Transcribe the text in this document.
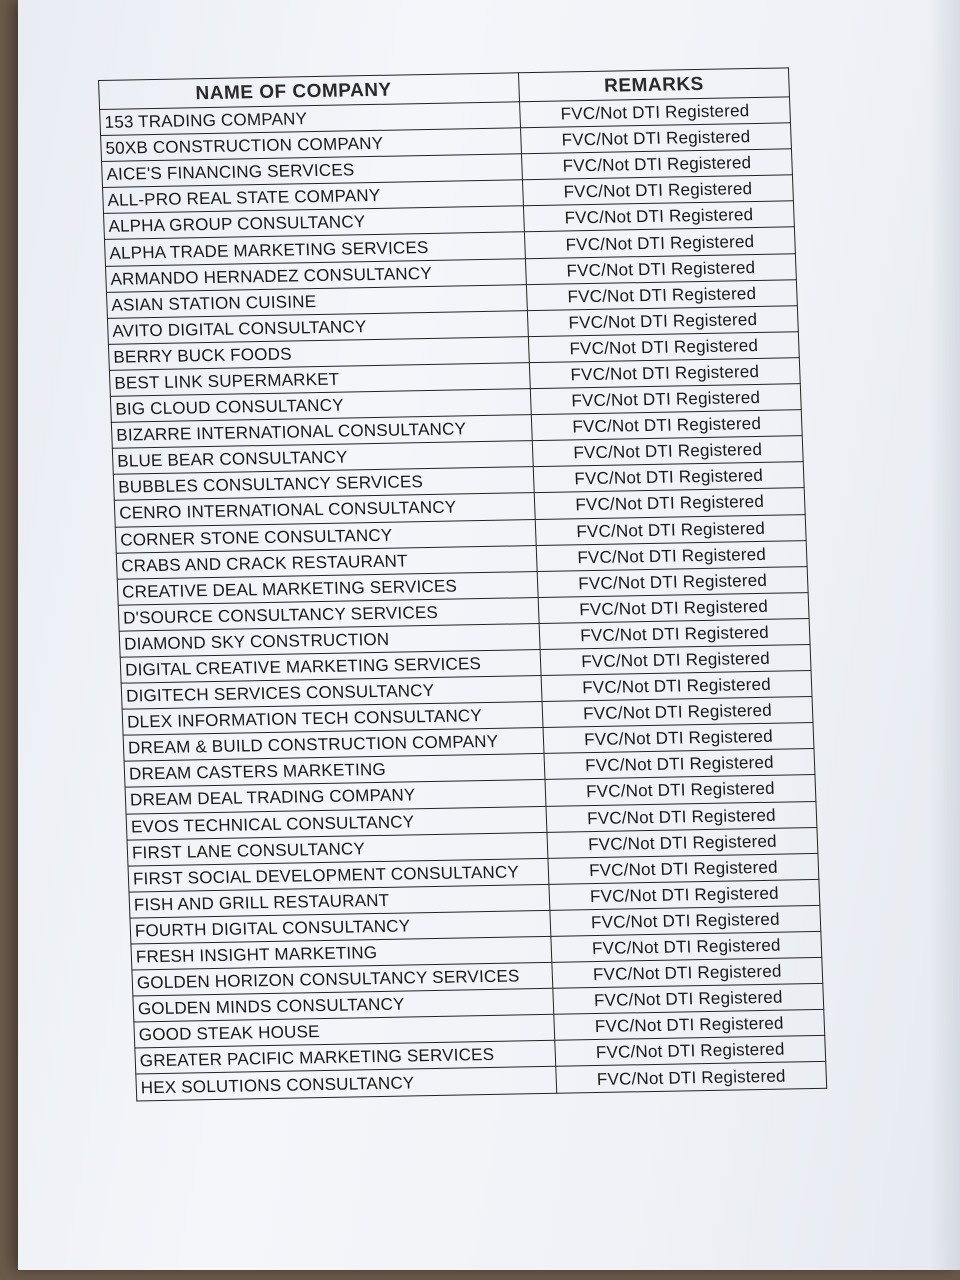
NAME OF COMPANY	REMARKS
153 TRADING COMPANY	FVC/Not DTI Registered
50XB CONSTRUCTION COMPANY	FVC/Not DTI Registered
AICE'S FINANCING SERVICES	FVC/Not DTI Registered
ALL-PRO REAL STATE COMPANY	FVC/Not DTI Registered
ALPHA GROUP CONSULTANCY	FVC/Not DTI Registered
ALPHA TRADE MARKETING SERVICES	FVC/Not DTI Registered
ARMANDO HERNADEZ CONSULTANCY	FVC/Not DTI Registered
ASIAN STATION CUISINE	FVC/Not DTI Registered
AVITO DIGITAL CONSULTANCY	FVC/Not DTI Registered
BERRY BUCK FOODS	FVC/Not DTI Registered
BEST LINK SUPERMARKET	FVC/Not DTI Registered
BIG CLOUD CONSULTANCY	FVC/Not DTI Registered
BIZARRE INTERNATIONAL CONSULTANCY	FVC/Not DTI Registered
BLUE BEAR CONSULTANCY	FVC/Not DTI Registered
BUBBLES CONSULTANCY SERVICES	FVC/Not DTI Registered
CENRO INTERNATIONAL CONSULTANCY	FVC/Not DTI Registered
CORNER STONE CONSULTANCY	FVC/Not DTI Registered
CRABS AND CRACK RESTAURANT	FVC/Not DTI Registered
CREATIVE DEAL MARKETING SERVICES	FVC/Not DTI Registered
D'SOURCE CONSULTANCY SERVICES	FVC/Not DTI Registered
DIAMOND SKY CONSTRUCTION	FVC/Not DTI Registered
DIGITAL CREATIVE MARKETING SERVICES	FVC/Not DTI Registered
DIGITECH SERVICES CONSULTANCY	FVC/Not DTI Registered
DLEX INFORMATION TECH CONSULTANCY	FVC/Not DTI Registered
DREAM & BUILD CONSTRUCTION COMPANY	FVC/Not DTI Registered
DREAM CASTERS MARKETING	FVC/Not DTI Registered
DREAM DEAL TRADING COMPANY	FVC/Not DTI Registered
EVOS TECHNICAL CONSULTANCY	FVC/Not DTI Registered
FIRST LANE CONSULTANCY	FVC/Not DTI Registered
FIRST SOCIAL DEVELOPMENT CONSULTANCY	FVC/Not DTI Registered
FISH AND GRILL RESTAURANT	FVC/Not DTI Registered
FOURTH DIGITAL CONSULTANCY	FVC/Not DTI Registered
FRESH INSIGHT MARKETING	FVC/Not DTI Registered
GOLDEN HORIZON CONSULTANCY SERVICES	FVC/Not DTI Registered
GOLDEN MINDS CONSULTANCY	FVC/Not DTI Registered
GOOD STEAK HOUSE	FVC/Not DTI Registered
GREATER PACIFIC MARKETING SERVICES	FVC/Not DTI Registered
HEX SOLUTIONS CONSULTANCY	FVC/Not DTI Registered
